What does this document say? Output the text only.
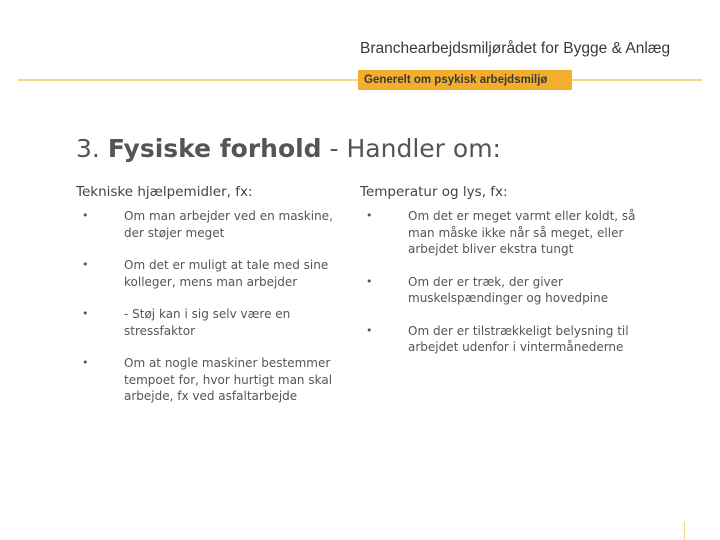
Branchearbejdsmiljørådet for Bygge & Anlæg
Generelt om psykisk arbejdsmiljø
3. Fysiske forhold - Handler om:
Tekniske hjælpemidler, fx:
•	Om man arbejder ved en maskine, der støjer meget
•	Om det er muligt at tale med sine kolleger, mens man arbejder
•	- Støj kan i sig selv være en stressfaktor
•	Om at nogle maskiner bestemmer tempoet for, hvor hurtigt man skal arbejde, fx ved asfaltarbejde
Temperatur og lys, fx:
•	Om det er meget varmt eller koldt, så man måske ikke når så meget, eller arbejdet bliver ekstra tungt
•	Om der er træk, der giver muskelspændinger og hovedpine
•	Om der er tilstrækkeligt belysning til arbejdet udenfor i vintermånederne
